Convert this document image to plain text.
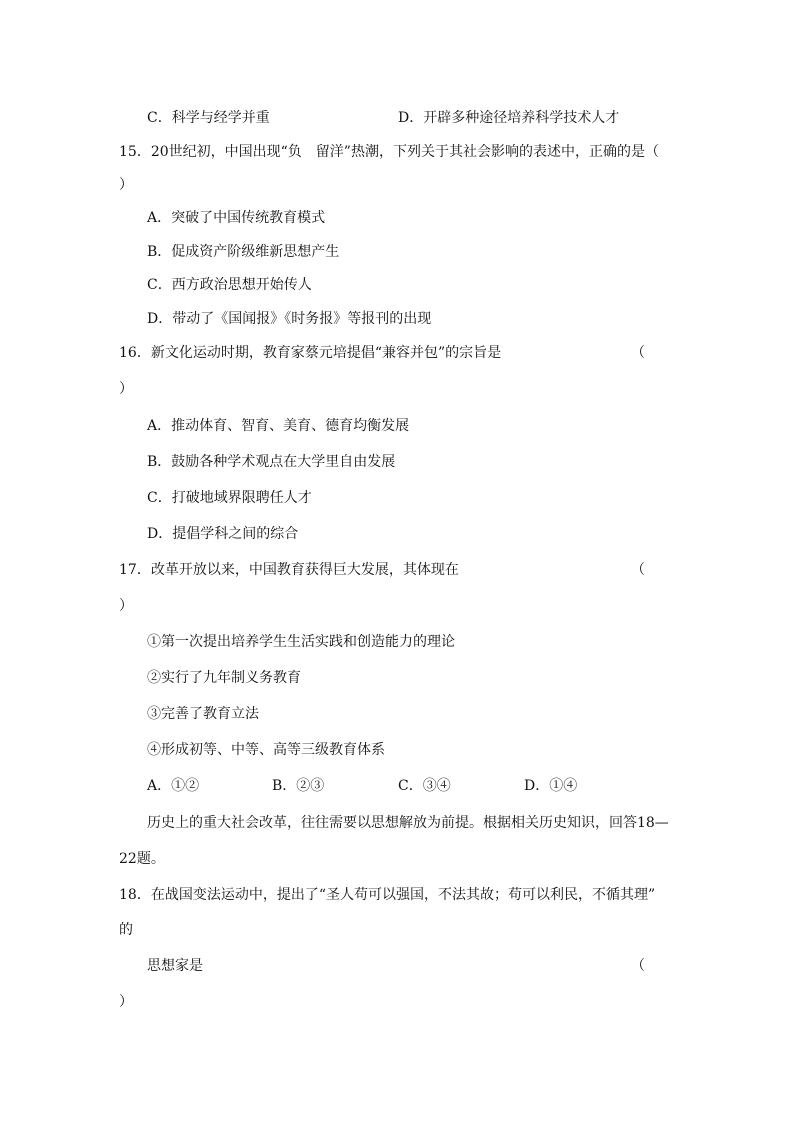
C．科学与经学并重	D．开辟多种途径培养科学技术人才
15．20世纪初，中国出现“负　留洋”热潮，下列关于其社会影响的表述中，正确的是（
）
A．突破了中国传统教育模式
B．促成资产阶级维新思想产生
C．西方政治思想开始传人
D．带动了《国闻报》《时务报》等报刊的出现
16．新文化运动时期，教育家蔡元培提倡“兼容并包”的宗旨是	（
）
A．推动体育、智育、美育、德育均衡发展
B．鼓励各种学术观点在大学里自由发展
C．打破地域界限聘任人才
D．提倡学科之间的综合
17．改革开放以来，中国教育获得巨大发展，其体现在	（
）
①第一次提出培养学生生活实践和创造能力的理论
②实行了九年制义务教育
③完善了教育立法
④形成初等、中等、高等三级教育体系
A．①②	B．②③	C．③④	D．①④
历史上的重大社会改革，往往需要以思想解放为前提。根据相关历史知识，回答18—
22题。
18．在战国变法运动中，提出了“圣人苟可以强国，不法其故；苟可以利民，不循其理”
的
思想家是	（
）
